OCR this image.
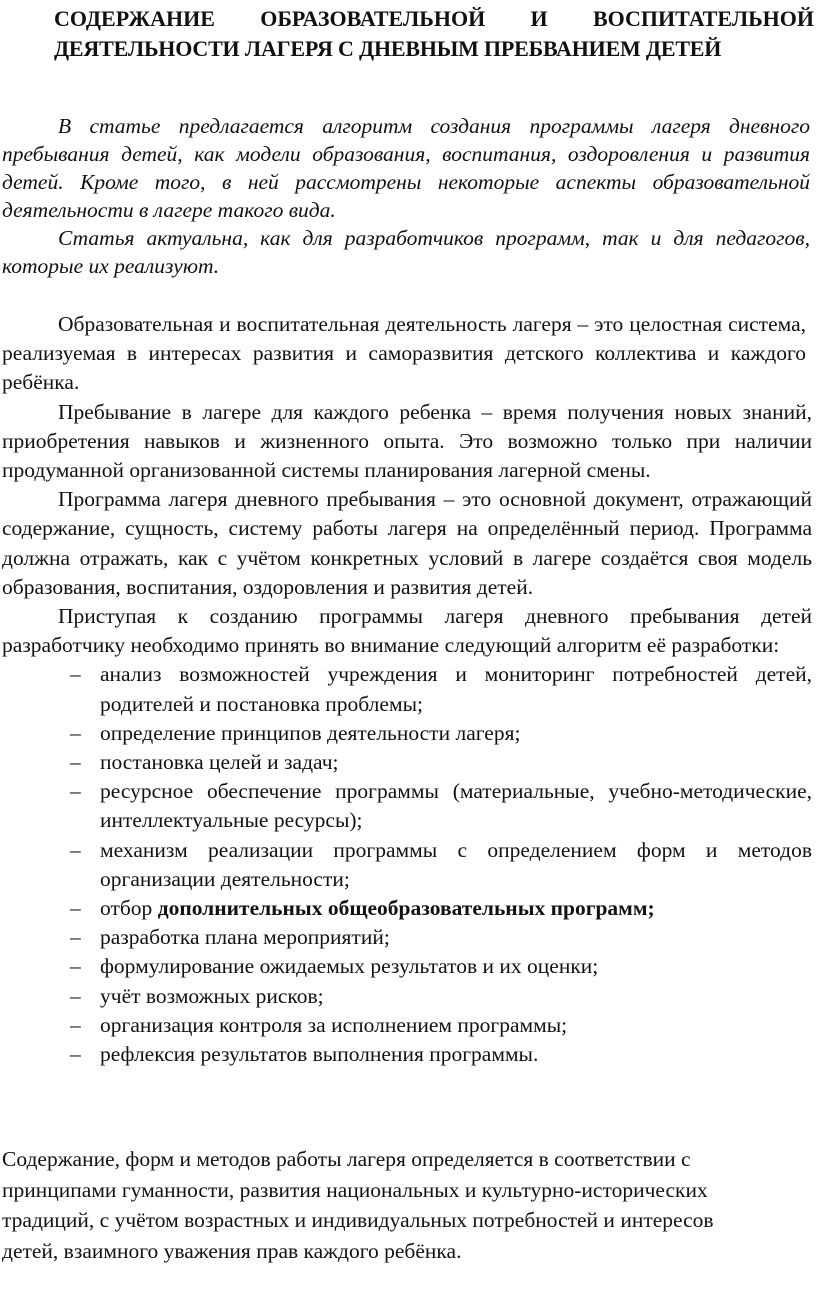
СОДЕРЖАНИЕ ОБРАЗОВАТЕЛЬНОЙ И ВОСПИТАТЕЛЬНОЙ
ДЕЯТЕЛЬНОСТИ ЛАГЕРЯ С ДНЕВНЫМ ПРЕБВАНИЕМ ДЕТЕЙ

В статье предлагается алгоритм создания программы лагеря дневного пребывания детей, как модели образования, воспитания, оздоровления и развития детей. Кроме того, в ней рассмотрены некоторые аспекты образовательной деятельности в лагере такого вида.

Статья актуальна, как для разработчиков программ, так и для педагогов, которые их реализуют.

Образовательная и воспитательная деятельность лагеря – это целостная система, реализуемая в интересах развития и саморазвития детского коллектива и каждого ребёнка.

Пребывание в лагере для каждого ребенка – время получения новых знаний, приобретения навыков и жизненного опыта. Это возможно только при наличии продуманной организованной системы планирования лагерной смены.

Программа лагеря дневного пребывания – это основной документ, отражающий содержание, сущность, систему работы лагеря на определённый период. Программа должна отражать, как с учётом конкретных условий в лагере создаётся своя модель образования, воспитания, оздоровления и развития детей.

Приступая к созданию программы лагеря дневного пребывания детей разработчику необходимо принять во внимание следующий алгоритм её разработки:

– анализ возможностей учреждения и мониторинг потребностей детей, родителей и постановка проблемы;
– определение принципов деятельности лагеря;
– постановка целей и задач;
– ресурсное обеспечение программы (материальные, учебно-методические, интеллектуальные ресурсы);
– механизм реализации программы с определением форм и методов организации деятельности;
– отбор дополнительных общеобразовательных программ;
– разработка плана мероприятий;
– формулирование ожидаемых результатов и их оценки;
– учёт возможных рисков;
– организация контроля за исполнением программы;
– рефлексия результатов выполнения программы.

Содержание, форм и методов работы лагеря определяется в соответствии с
принципами гуманности, развития национальных и культурно-исторических
традиций, с учётом возрастных и индивидуальных потребностей и интересов
детей, взаимного уважения прав каждого ребёнка.
